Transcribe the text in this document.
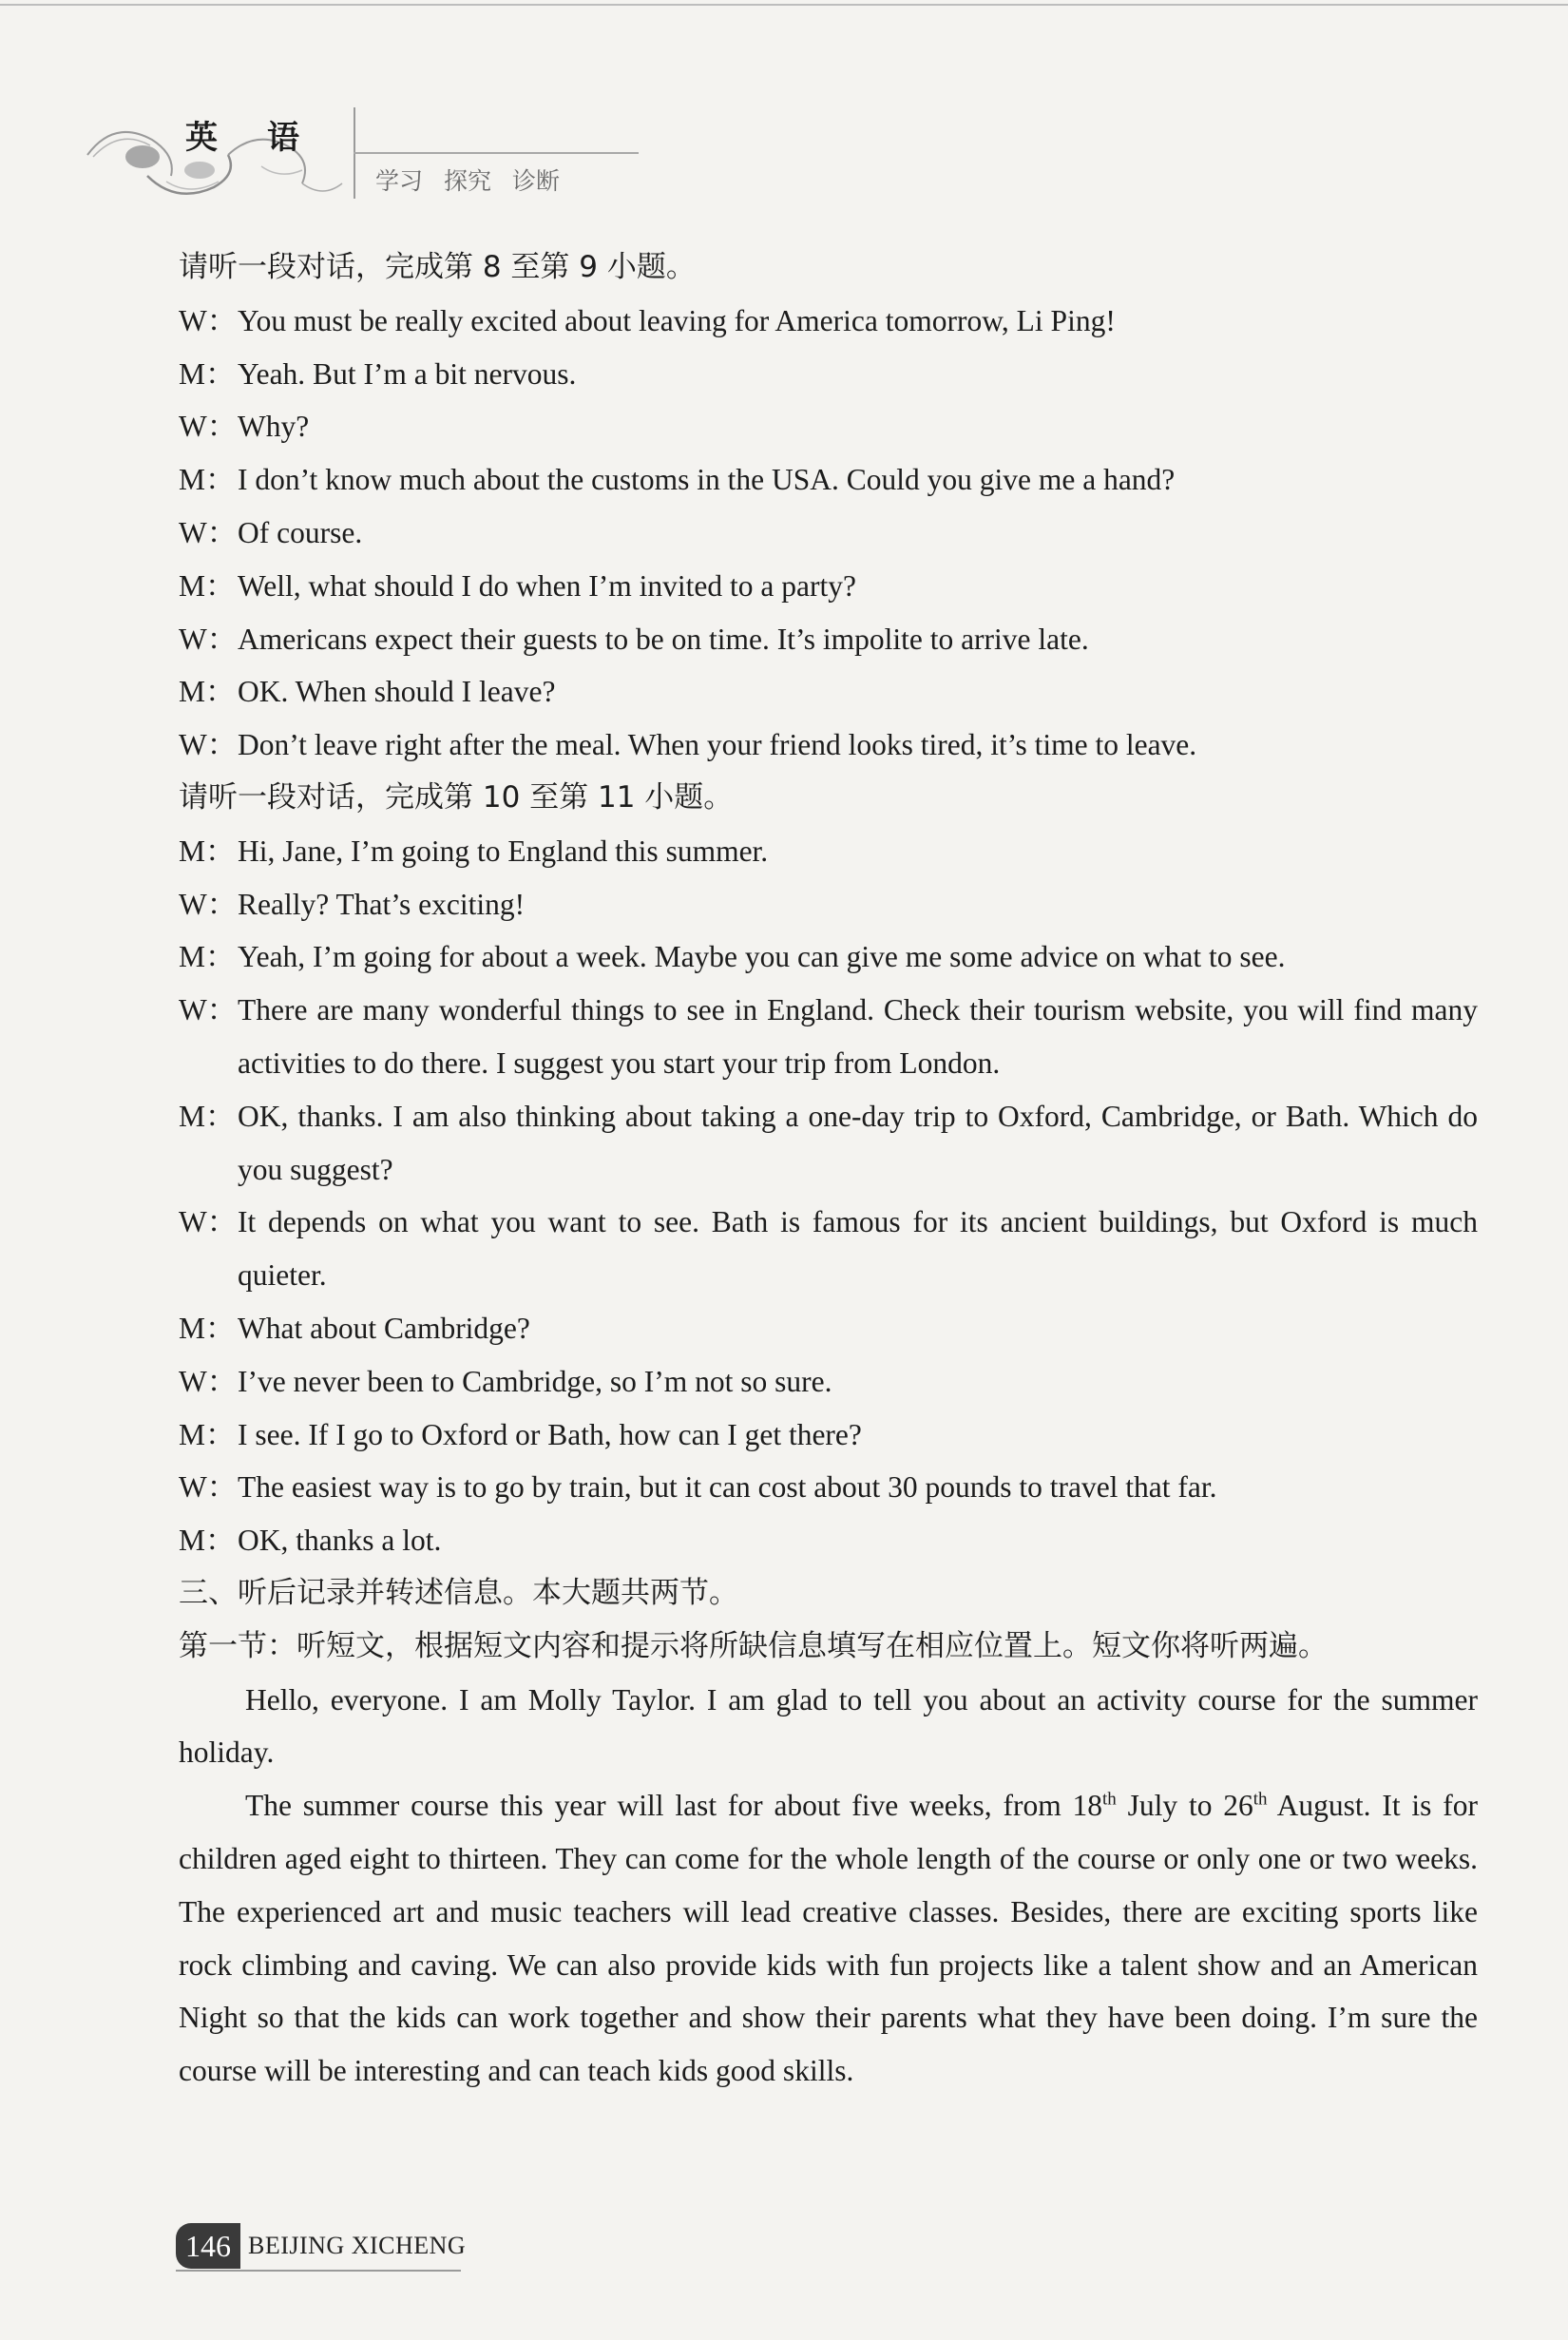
英语
学习 探究 诊断

请听一段对话，完成第 8 至第 9 小题。

W： You must be really excited about leaving for America tomorrow, Li Ping!
M： Yeah. But I’m a bit nervous.
W： Why?
M： I don’t know much about the customs in the USA. Could you give me a hand?
W： Of course.
M： Well, what should I do when I’m invited to a party?
W： Americans expect their guests to be on time. It’s impolite to arrive late.
M： OK. When should I leave?
W： Don’t leave right after the meal. When your friend looks tired, it’s time to leave.

请听一段对话，完成第 10 至第 11 小题。

M： Hi, Jane, I’m going to England this summer.
W： Really? That’s exciting!
M： Yeah, I’m going for about a week. Maybe you can give me some advice on what to see.
W： There are many wonderful things to see in England. Check their tourism website, you will find many activities to do there. I suggest you start your trip from London.
M： OK, thanks. I am also thinking about taking a one-day trip to Oxford, Cambridge, or Bath. Which do you suggest?
W： It depends on what you want to see. Bath is famous for its ancient buildings, but Oxford is much quieter.
M： What about Cambridge?
W： I’ve never been to Cambridge, so I’m not so sure.
M： I see. If I go to Oxford or Bath, how can I get there?
W： The easiest way is to go by train, but it can cost about 30 pounds to travel that far.
M： OK, thanks a lot.

三、听后记录并转述信息。本大题共两节。

第一节：听短文，根据短文内容和提示将所缺信息填写在相应位置上。短文你将听两遍。

Hello, everyone. I am Molly Taylor. I am glad to tell you about an activity course for the summer holiday.

The summer course this year will last for about five weeks, from 18th July to 26th August. It is for children aged eight to thirteen. They can come for the whole length of the course or only one or two weeks. The experienced art and music teachers will lead creative classes. Besides, there are exciting sports like rock climbing and caving. We can also provide kids with fun projects like a talent show and an American Night so that the kids can work together and show their parents what they have been doing. I’m sure the course will be interesting and can teach kids good skills.

146 BEIJING XICHENG
